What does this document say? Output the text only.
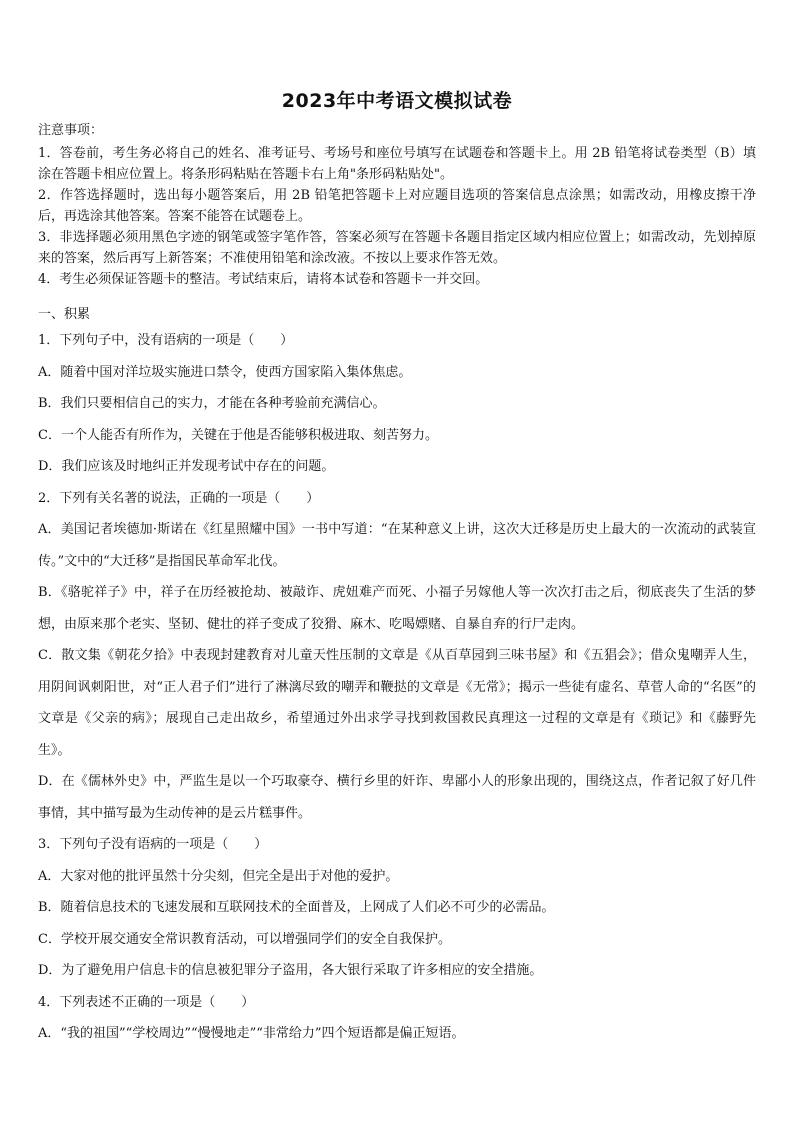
2023年中考语文模拟试卷

注意事项：

1．答卷前，考生务必将自己的姓名、准考证号、考场号和座位号填写在试题卷和答题卡上。用 2B 铅笔将试卷类型（B）填涂在答题卡相应位置上。将条形码粘贴在答题卡右上角"条形码粘贴处"。

2．作答选择题时，选出每小题答案后，用 2B 铅笔把答题卡上对应题目选项的答案信息点涂黑；如需改动，用橡皮擦干净后，再选涂其他答案。答案不能答在试题卷上。

3．非选择题必须用黑色字迹的钢笔或签字笔作答，答案必须写在答题卡各题目指定区域内相应位置上；如需改动，先划掉原来的答案，然后再写上新答案；不准使用铅笔和涂改液。不按以上要求作答无效。

4．考生必须保证答题卡的整洁。考试结束后，请将本试卷和答题卡一并交回。

一、积累

1．下列句子中，没有语病的一项是（　　）

A．随着中国对洋垃圾实施进口禁令，使西方国家陷入集体焦虑。

B．我们只要相信自己的实力，才能在各种考验前充满信心。

C．一个人能否有所作为，关键在于他是否能够积极进取、刻苦努力。

D．我们应该及时地纠正并发现考试中存在的问题。

2．下列有关名著的说法，正确的一项是（　　）

A．美国记者埃德加·斯诺在《红星照耀中国》一书中写道：“在某种意义上讲，这次大迁移是历史上最大的一次流动的武装宣传。”文中的“大迁移”是指国民革命军北伐。

B．《骆驼祥子》中，祥子在历经被抢劫、被敲诈、虎妞难产而死、小福子另嫁他人等一次次打击之后，彻底丧失了生活的梦想，由原来那个老实、坚韧、健壮的祥子变成了狡猾、麻木、吃喝嫖赌、自暴自弃的行尸走肉。

C．散文集《朝花夕拾》中表现封建教育对儿童天性压制的文章是《从百草园到三味书屋》和《五猖会》；借众鬼嘲弄人生，用阴间讽刺阳世，对“正人君子们”进行了淋漓尽致的嘲弄和鞭挞的文章是《无常》；揭示一些徒有虚名、草菅人命的“名医”的文章是《父亲的病》；展现自己走出故乡，希望通过外出求学寻找到救国救民真理这一过程的文章是有《琐记》和《藤野先生》。

D．在《儒林外史》中，严监生是以一个巧取豪夺、横行乡里的奸诈、卑鄙小人的形象出现的，围绕这点，作者记叙了好几件事情，其中描写最为生动传神的是云片糕事件。

3．下列句子没有语病的一项是（　　）

A．大家对他的批评虽然十分尖刻，但完全是出于对他的爱护。

B．随着信息技术的飞速发展和互联网技术的全面普及，上网成了人们必不可少的必需品。

C．学校开展交通安全常识教育活动，可以增强同学们的安全自我保护。

D．为了避免用户信息卡的信息被犯罪分子盗用，各大银行采取了许多相应的安全措施。

4．下列表述不正确的一项是（　　）

A．“我的祖国”“学校周边”“慢慢地走”“非常给力”四个短语都是偏正短语。
